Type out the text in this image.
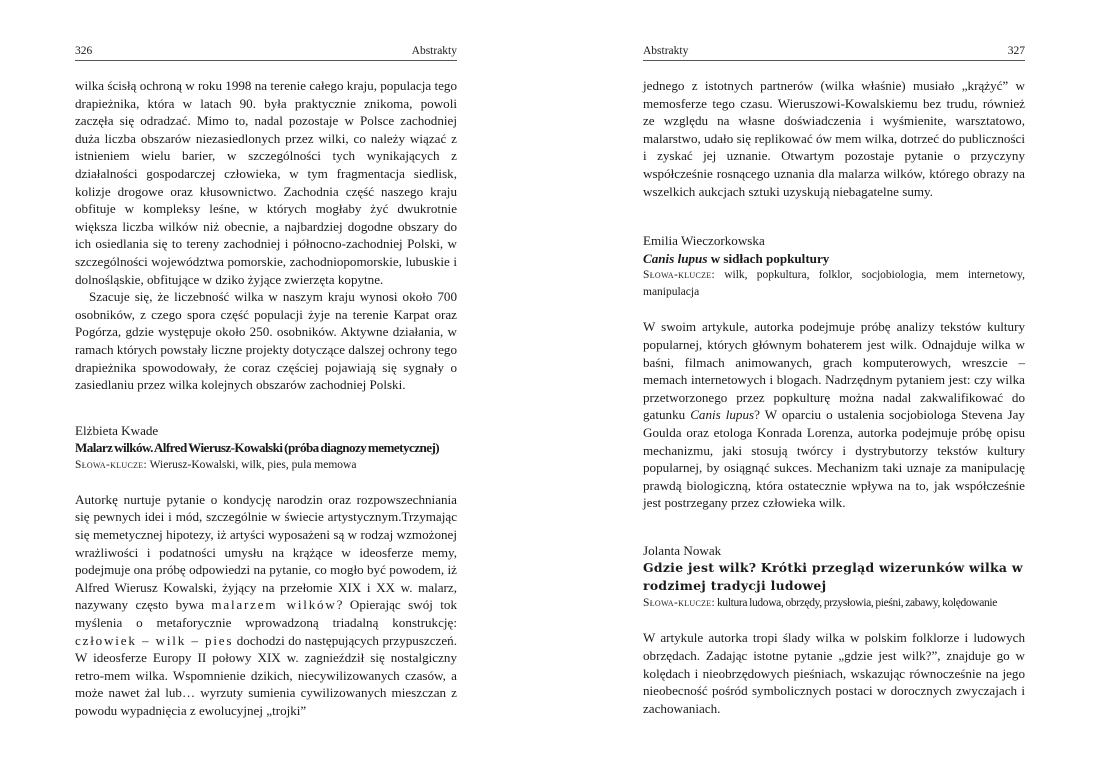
326	Abstrakty

wilka ścisłą ochroną w roku 1998 na terenie całego kraju, populacja tego drapieżnika, która w latach 90. była praktycznie znikoma, powoli zaczęła się odradzać. Mimo to, nadal pozostaje w Polsce zachodniej duża liczba obszarów niezasiedlonych przez wilki, co należy wiązać z istnieniem wielu barier, w szczególności tych wynikających z działalności gospodarczej człowieka, w tym fragmentacja siedlisk, kolizje drogowe oraz kłusownictwo. Zachodnia część naszego kraju obfituje w kompleksy leśne, w których mogłaby żyć dwukrotnie większa liczba wilków niż obecnie, a najbardziej dogodne obszary do ich osiedlania się to tereny zachodniej i północno-zachodniej Polski, w szczególności województwa pomorskie, zachodniopomorskie, lubuskie i dolnośląskie, obfitujące w dziko żyjące zwierzęta kopytne.

Szacuje się, że liczebność wilka w naszym kraju wynosi około 700 osobników, z czego spora część populacji żyje na terenie Karpat oraz Pogórza, gdzie występuje około 250. osobników. Aktywne działania, w ramach których powstały liczne projekty dotyczące dalszej ochrony tego drapieżnika spowodowały, że coraz częściej pojawiają się sygnały o zasiedlaniu przez wilka kolejnych obszarów zachodniej Polski.

Elżbieta Kwade
Malarz wilków. Alfred Wierusz-Kowalski (próba diagnozy memetycznej)
Słowa-klucze: Wierusz-Kowalski, wilk, pies, pula memowa

Autorkę nurtuje pytanie o kondycję narodzin oraz rozpowszechniania się pewnych idei i mód, szczególnie w świecie artystycznym.Trzymając się memetycznej hipotezy, iż artyści wyposażeni są w rodzaj wzmożonej wrażliwości i podatności umysłu na krążące w ideosferze memy, podejmuje ona próbę odpowiedzi na pytanie, co mogło być powodem, iż Alfred Wierusz Kowalski, żyjący na przełomie XIX i XX w. malarz, nazywany często bywa malarzem wilków? Opierając swój tok myślenia o metaforycznie wprowadzoną triadalną konstrukcję: człowiek – wilk – pies dochodzi do następujących przypuszczeń. W ideosferze Europy II połowy XIX w. zagnieździł się nostalgiczny retro-mem wilka. Wspomnienie dzikich, niecywilizowanych czasów, a może nawet żal lub… wyrzuty sumienia cywilizowanych mieszczan z powodu wypadnięcia z ewolucyjnej „trojki”

Abstrakty	327

jednego z istotnych partnerów (wilka właśnie) musiało „krążyć” w memosferze tego czasu. Wieruszowi-Kowalskiemu bez trudu, również ze względu na własne doświadczenia i wyśmienite, warsztatowo, malarstwo, udało się replikować ów mem wilka, dotrzeć do publiczności i zyskać jej uznanie. Otwartym pozostaje pytanie o przyczyny współcześnie rosnącego uznania dla malarza wilków, którego obrazy na wszelkich aukcjach sztuki uzyskują niebagatelne sumy.

Emilia Wieczorkowska
Canis lupus w sidłach popkultury
Słowa-klucze: wilk, popkultura, folklor, socjobiologia, mem internetowy, manipulacja

W swoim artykule, autorka podejmuje próbę analizy tekstów kultury popularnej, których głównym bohaterem jest wilk. Odnajduje wilka w baśni, filmach animowanych, grach komputerowych, wreszcie – memach internetowych i blogach. Nadrzędnym pytaniem jest: czy wilka przetworzonego przez popkulturę można nadal zakwalifikować do gatunku Canis lupus? W oparciu o ustalenia socjobiologa Stevena Jay Goulda oraz etologa Konrada Lorenza, autorka podejmuje próbę opisu mechanizmu, jaki stosują twórcy i dystrybutorzy tekstów kultury popularnej, by osiągnąć sukces. Mechanizm taki uznaje za manipulację prawdą biologiczną, która ostatecznie wpływa na to, jak współcześnie jest postrzegany przez człowieka wilk.

Jolanta Nowak
Gdzie jest wilk? Krótki przegląd wizerunków wilka w rodzimej tradycji ludowej
Słowa-klucze: kultura ludowa, obrzędy, przysłowia, pieśni, zabawy, kolędowanie

W artykule autorka tropi ślady wilka w polskim folklorze i ludowych obrzędach. Zadając istotne pytanie „gdzie jest wilk?”, znajduje go w kolędach i nieobrzędowych pieśniach, wskazując równocześnie na jego nieobecność pośród symbolicznych postaci w dorocznych zwyczajach i zachowaniach.
